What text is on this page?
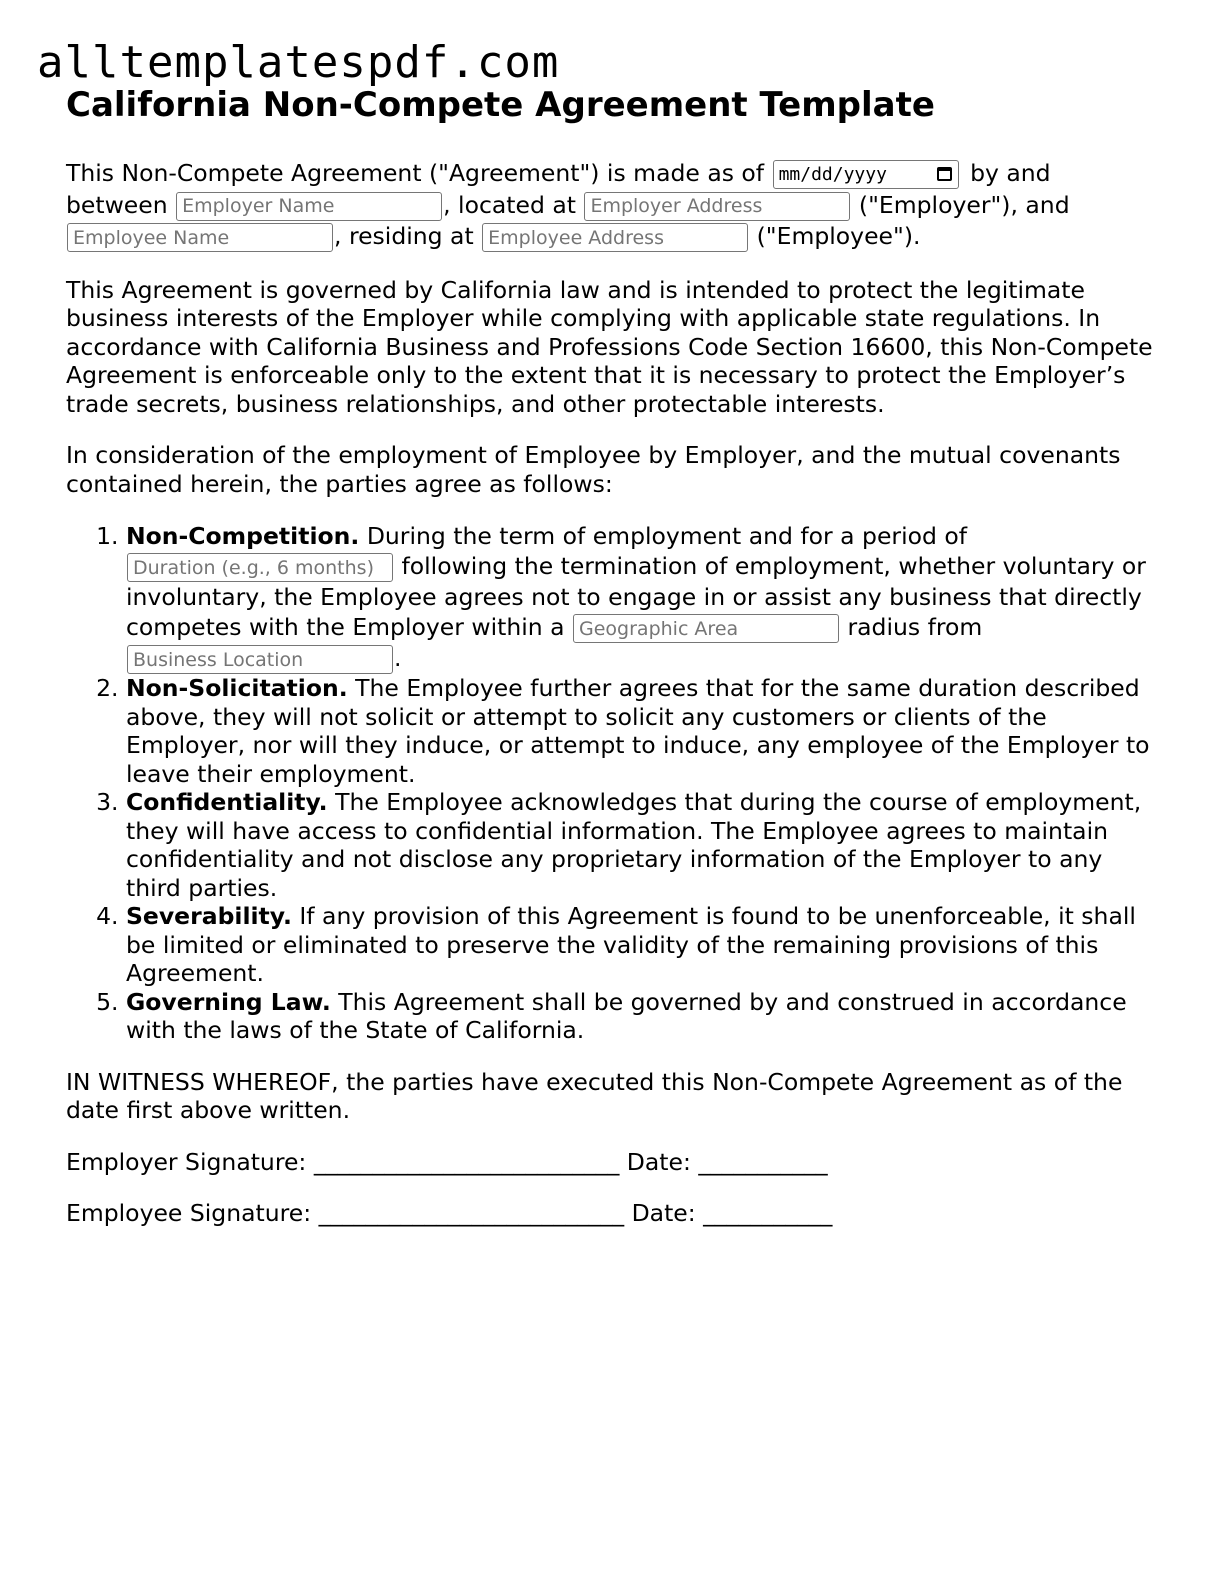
alltemplatespdf.com
California Non-Compete Agreement Template

This Non-Compete Agreement ("Agreement") is made as of mm/dd/yyyy	by and between Employer Name	, located at Employer Address	("Employer"), and Employee Name, residing at Employee Address	("Employee").

This Agreement is governed by California law and is intended to protect the legitimate business interests of the Employer while complying with applicable state regulations. In accordance with California Business and Professions Code Section 16600, this Non-Compete Agreement is enforceable only to the extent that it is necessary to protect the Employer’s trade secrets, business relationships, and other protectable interests.

In consideration of the employment of Employee by Employer, and the mutual covenants contained herein, the parties agree as follows:

1. Non-Competition. During the term of employment and for a period of Duration (e.g., 6 months) following the termination of employment, whether voluntary or involuntary, the Employee agrees not to engage in or assist any business that directly competes with the Employer within a Geographic Area	radius from Business Location.
2. Non-Solicitation. The Employee further agrees that for the same duration described above, they will not solicit or attempt to solicit any customers or clients of the Employer, nor will they induce, or attempt to induce, any employee of the Employer to leave their employment.
3. Confidentiality. The Employee acknowledges that during the course of employment, they will have access to confidential information. The Employee agrees to maintain confidentiality and not disclose any proprietary information of the Employer to any third parties.
4. Severability. If any provision of this Agreement is found to be unenforceable, it shall be limited or eliminated to preserve the validity of the remaining provisions of this Agreement.
5. Governing Law. This Agreement shall be governed by and construed in accordance with the laws of the State of California.

IN WITNESS WHEREOF, the parties have executed this Non-Compete Agreement as of the date first above written.

Employer Signature: __________________________ Date: ___________
Employee Signature: __________________________ Date: ___________
